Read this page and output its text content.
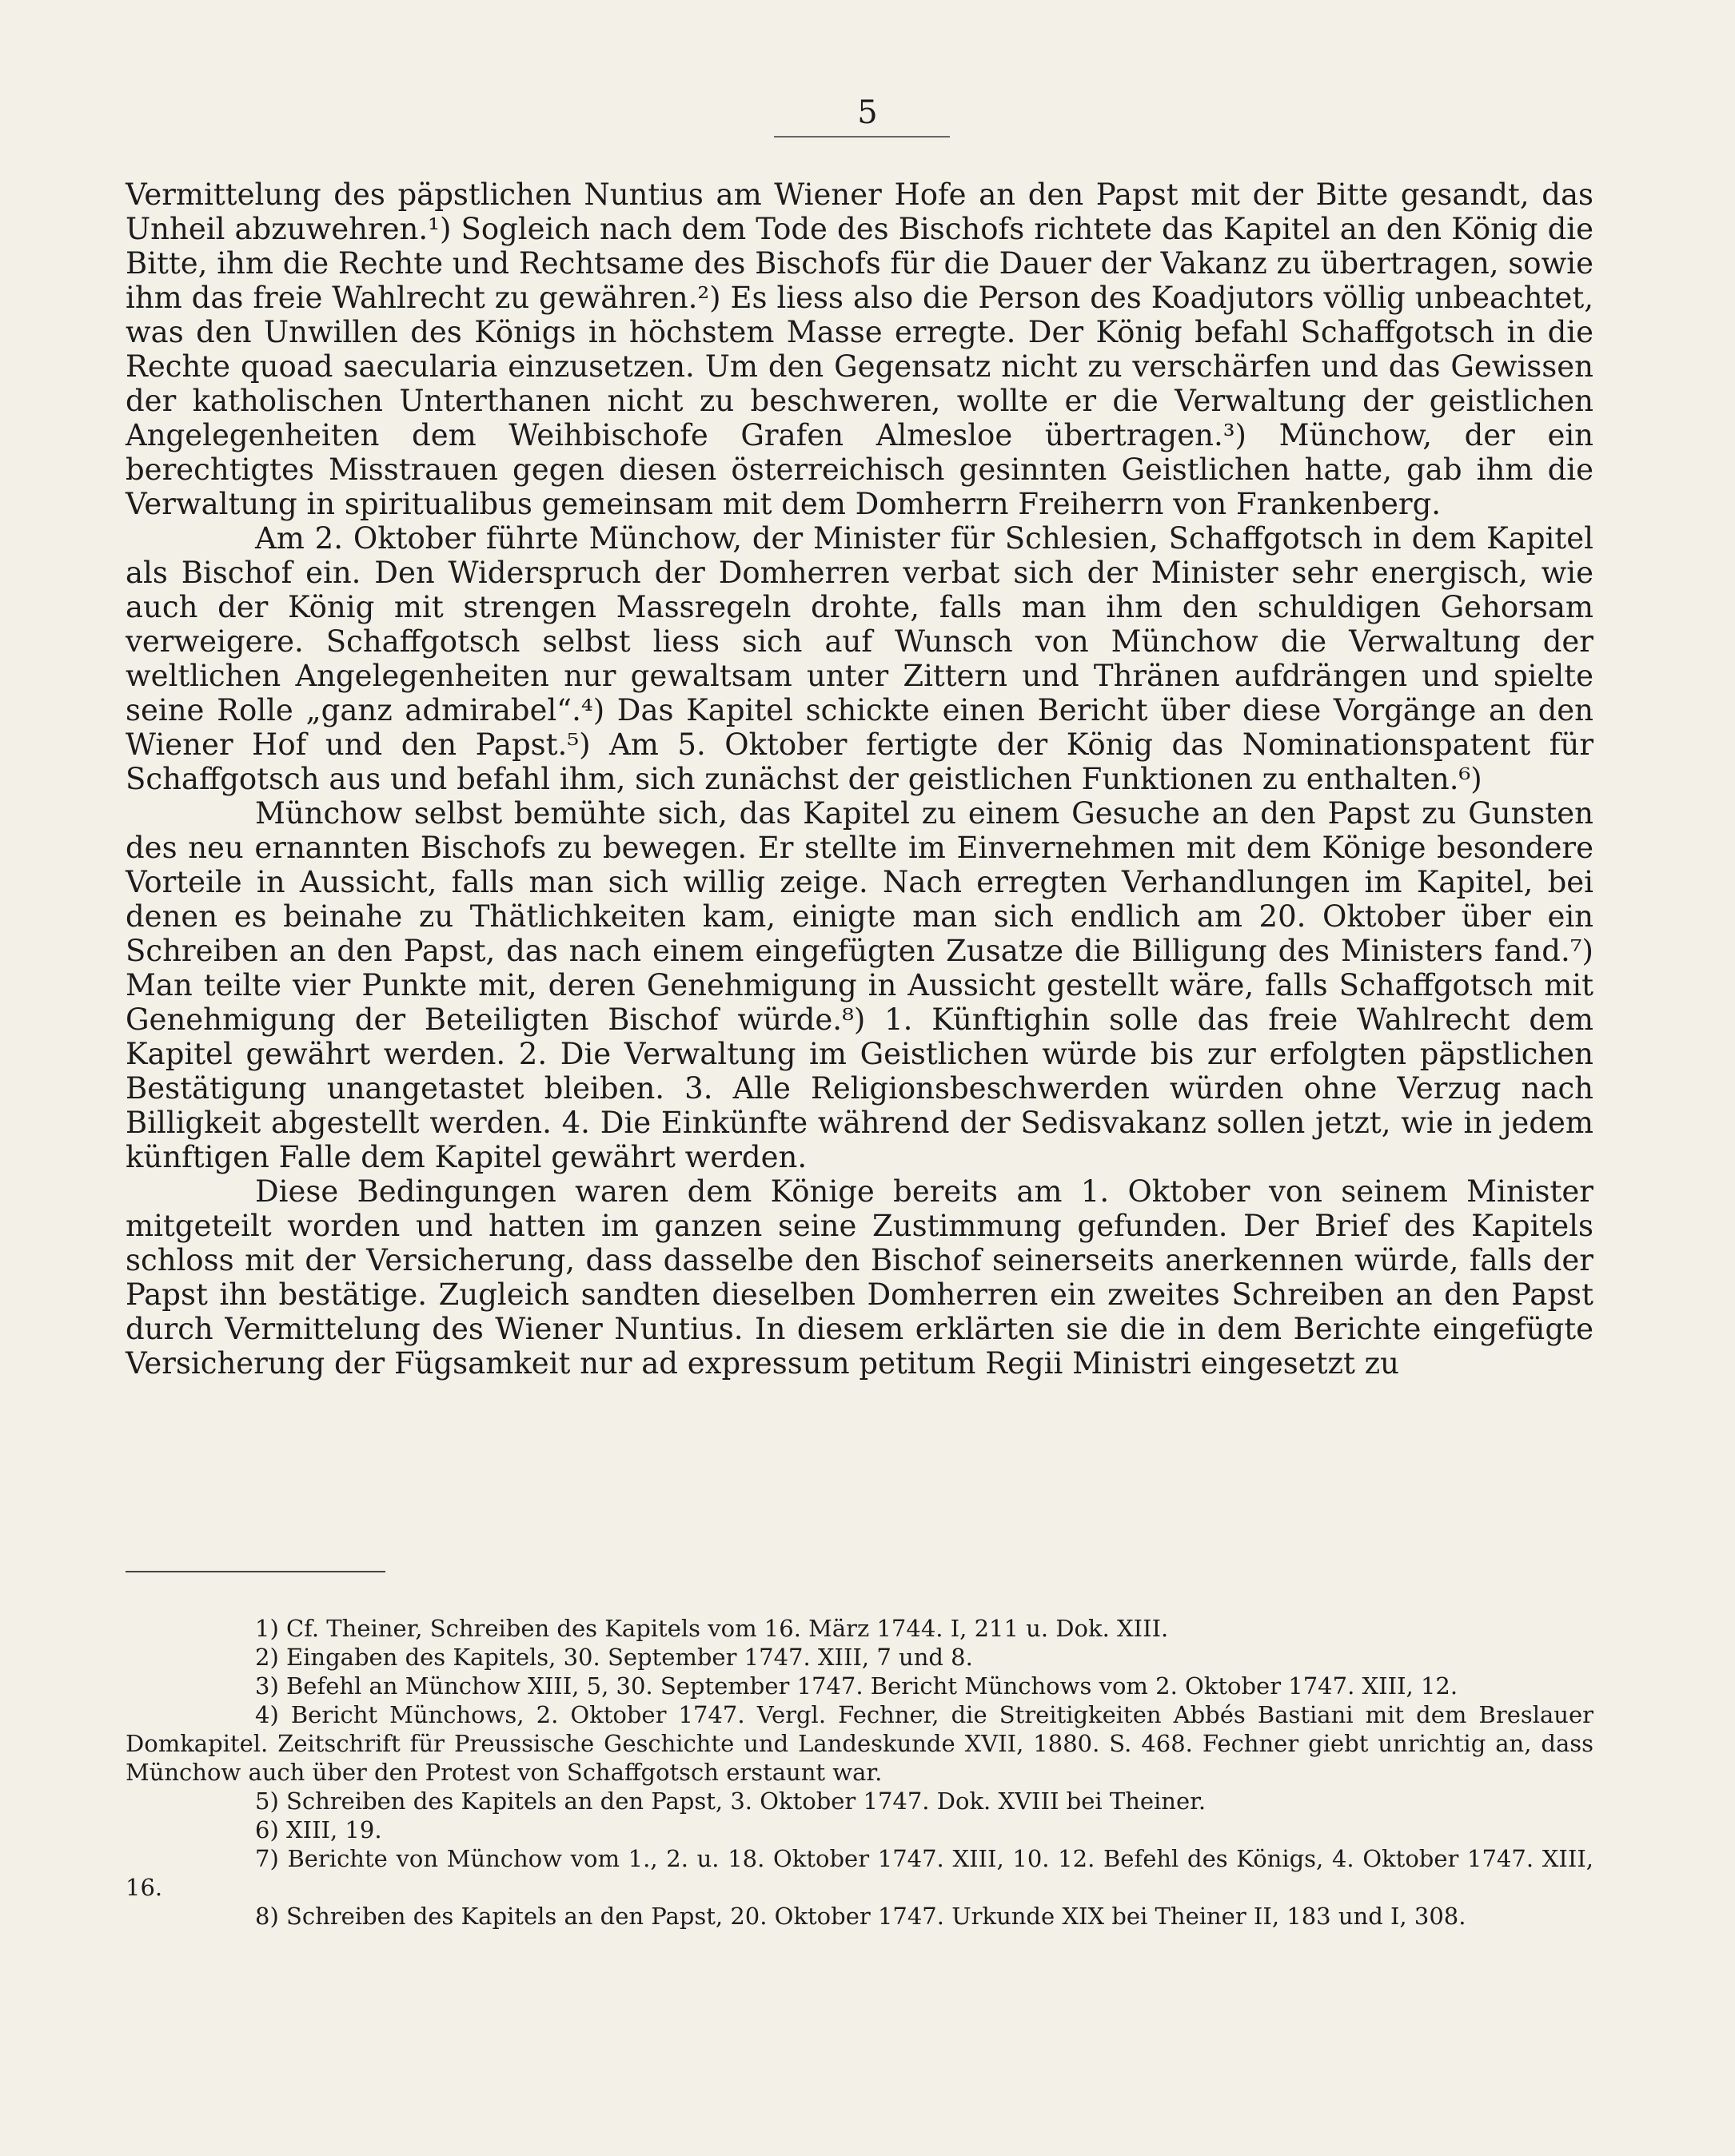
5

Vermittelung des päpstlichen Nuntius am Wiener Hofe an den Papst mit der Bitte gesandt, das Unheil abzuwehren.¹) Sogleich nach dem Tode des Bischofs richtete das Kapitel an den König die Bitte, ihm die Rechte und Rechtsame des Bischofs für die Dauer der Vakanz zu übertragen, sowie ihm das freie Wahlrecht zu gewähren.²) Es liess also die Person des Koadjutors völlig unbeachtet, was den Unwillen des Königs in höchstem Masse erregte. Der König befahl Schaffgotsch in die Rechte quoad saecularia einzusetzen. Um den Gegensatz nicht zu verschärfen und das Gewissen der katholischen Unterthanen nicht zu beschweren, wollte er die Verwaltung der geistlichen Angelegenheiten dem Weihbischofe Grafen Almesloe übertragen.³) Münchow, der ein berechtigtes Misstrauen gegen diesen österreichisch gesinnten Geistlichen hatte, gab ihm die Verwaltung in spiritualibus gemeinsam mit dem Domherrn Freiherrn von Frankenberg.

Am 2. Oktober führte Münchow, der Minister für Schlesien, Schaffgotsch in dem Kapitel als Bischof ein. Den Widerspruch der Domherren verbat sich der Minister sehr energisch, wie auch der König mit strengen Massregeln drohte, falls man ihm den schuldigen Gehorsam verweigere. Schaffgotsch selbst liess sich auf Wunsch von Münchow die Verwaltung der weltlichen Angelegenheiten nur gewaltsam unter Zittern und Thränen aufdrängen und spielte seine Rolle „ganz admirabel“.⁴) Das Kapitel schickte einen Bericht über diese Vorgänge an den Wiener Hof und den Papst.⁵) Am 5. Oktober fertigte der König das Nominationspatent für Schaffgotsch aus und befahl ihm, sich zunächst der geistlichen Funktionen zu enthalten.⁶)

Münchow selbst bemühte sich, das Kapitel zu einem Gesuche an den Papst zu Gunsten des neu ernannten Bischofs zu bewegen. Er stellte im Einvernehmen mit dem Könige besondere Vorteile in Aussicht, falls man sich willig zeige. Nach erregten Verhandlungen im Kapitel, bei denen es beinahe zu Thätlichkeiten kam, einigte man sich endlich am 20. Oktober über ein Schreiben an den Papst, das nach einem eingefügten Zusatze die Billigung des Ministers fand.⁷) Man teilte vier Punkte mit, deren Genehmigung in Aussicht gestellt wäre, falls Schaffgotsch mit Genehmigung der Beteiligten Bischof würde.⁸) 1. Künftighin solle das freie Wahlrecht dem Kapitel gewährt werden. 2. Die Verwaltung im Geistlichen würde bis zur erfolgten päpstlichen Bestätigung unangetastet bleiben. 3. Alle Religionsbeschwerden würden ohne Verzug nach Billigkeit abgestellt werden. 4. Die Einkünfte während der Sedisvakanz sollen jetzt, wie in jedem künftigen Falle dem Kapitel gewährt werden.

Diese Bedingungen waren dem Könige bereits am 1. Oktober von seinem Minister mitgeteilt worden und hatten im ganzen seine Zustimmung gefunden. Der Brief des Kapitels schloss mit der Versicherung, dass dasselbe den Bischof seinerseits anerkennen würde, falls der Papst ihn bestätige. Zugleich sandten dieselben Domherren ein zweites Schreiben an den Papst durch Vermittelung des Wiener Nuntius. In diesem erklärten sie die in dem Berichte eingefügte Versicherung der Fügsamkeit nur ad expressum petitum Regii Ministri eingesetzt zu

1) Cf. Theiner, Schreiben des Kapitels vom 16. März 1744. I, 211 u. Dok. XIII.

2) Eingaben des Kapitels, 30. September 1747. XIII, 7 und 8.

3) Befehl an Münchow XIII, 5, 30. September 1747. Bericht Münchows vom 2. Oktober 1747. XIII, 12.

4) Bericht Münchows, 2. Oktober 1747. Vergl. Fechner, die Streitigkeiten Abbés Bastiani mit dem Breslauer Domkapitel. Zeitschrift für Preussische Geschichte und Landeskunde XVII, 1880. S. 468. Fechner giebt unrichtig an, dass Münchow auch über den Protest von Schaffgotsch erstaunt war.

5) Schreiben des Kapitels an den Papst, 3. Oktober 1747. Dok. XVIII bei Theiner.

6) XIII, 19.

7) Berichte von Münchow vom 1., 2. u. 18. Oktober 1747. XIII, 10. 12. Befehl des Königs, 4. Oktober 1747. XIII, 16.

8) Schreiben des Kapitels an den Papst, 20. Oktober 1747. Urkunde XIX bei Theiner II, 183 und I, 308.
